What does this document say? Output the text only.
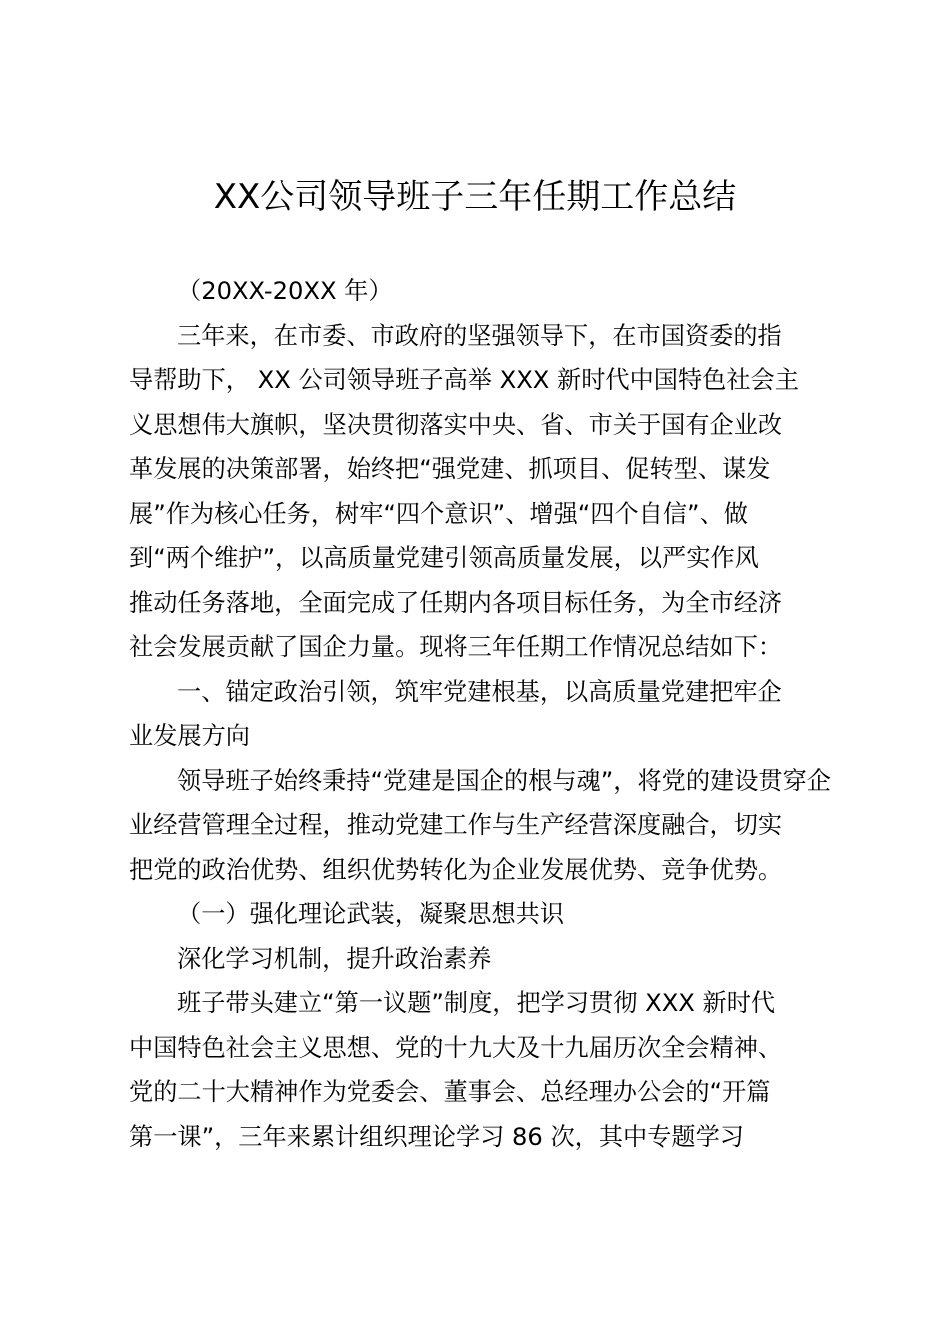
XX公司领导班子三年任期工作总结
（20XX-20XX 年）
三年来，在市委、市政府的坚强领导下，在市国资委的指
导帮助下， XX 公司领导班子高举 XXX 新时代中国特色社会主
义思想伟大旗帜，坚决贯彻落实中央、省、市关于国有企业改
革发展的决策部署，始终把“强党建、抓项目、促转型、谋发
展”作为核心任务，树牢“四个意识”、增强“四个自信”、做
到“两个维护”，以高质量党建引领高质量发展，以严实作风
推动任务落地，全面完成了任期内各项目标任务，为全市经济
社会发展贡献了国企力量。现将三年任期工作情况总结如下：
一、锚定政治引领，筑牢党建根基，以高质量党建把牢企
业发展方向
领导班子始终秉持“党建是国企的根与魂”，将党的建设贯穿企
业经营管理全过程，推动党建工作与生产经营深度融合，切实
把党的政治优势、组织优势转化为企业发展优势、竞争优势。
（一）强化理论武装，凝聚思想共识
深化学习机制，提升政治素养
班子带头建立“第一议题”制度，把学习贯彻 XXX 新时代
中国特色社会主义思想、党的十九大及十九届历次全会精神、
党的二十大精神作为党委会、董事会、总经理办公会的“开篇
第一课”，三年来累计组织理论学习 86 次，其中专题学习
